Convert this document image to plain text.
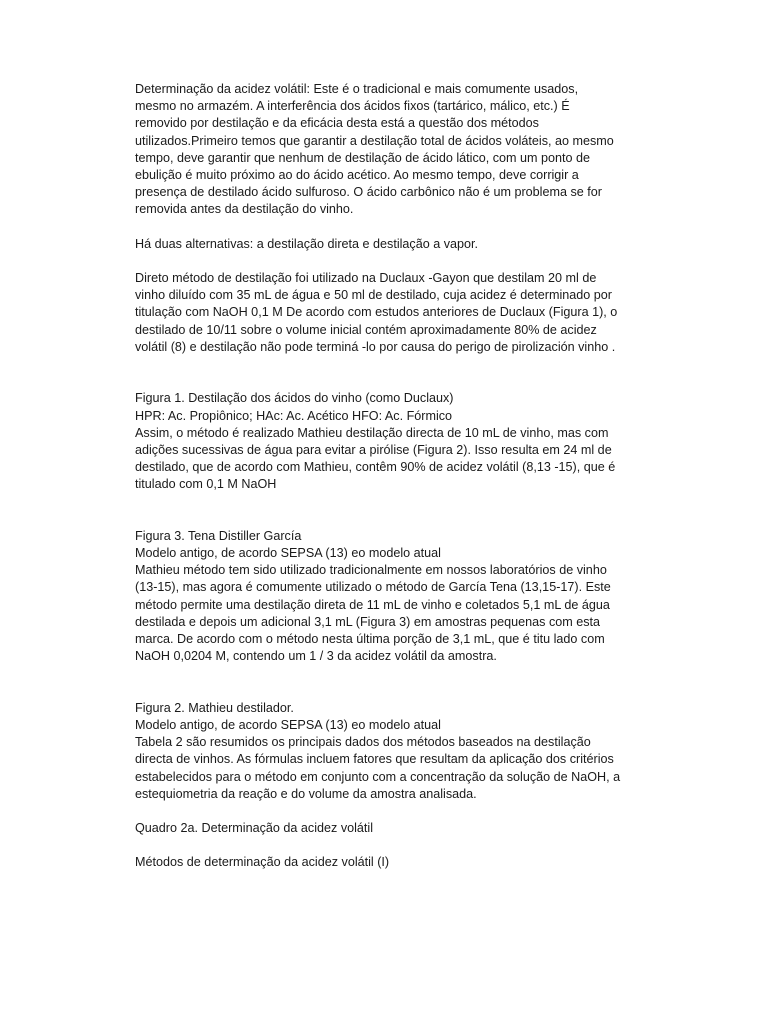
Determinação da acidez volátil: Este é o tradicional e mais comumente usados,
mesmo no armazém. A interferência dos ácidos fixos (tartárico, málico, etc.) É
removido por destilação e da eficácia desta está a questão dos métodos
utilizados.Primeiro temos que garantir a destilação total de ácidos voláteis, ao mesmo
tempo, deve garantir que nenhum de destilação de ácido lático, com um ponto de
ebulição é muito próximo ao do ácido acético. Ao mesmo tempo, deve corrigir a
presença de destilado ácido sulfuroso. O ácido carbônico não é um problema se for
removida antes da destilação do vinho.

Há duas alternativas: a destilação direta e destilação a vapor.

Direto método de destilação foi utilizado na Duclaux -Gayon que destilam 20 ml de
vinho diluído com 35 mL de água e 50 ml de destilado, cuja acidez é determinado por
titulação com NaOH 0,1 M De acordo com estudos anteriores de Duclaux (Figura 1), o
destilado de 10/11 sobre o volume inicial contém aproximadamente 80% de acidez
volátil (8) e destilação não pode terminá -lo por causa do perigo de pirolización vinho .

Figura 1. Destilação dos ácidos do vinho (como Duclaux)
HPR: Ac. Propiônico; HAc: Ac. Acético HFO: Ac. Fórmico
Assim, o método é realizado Mathieu destilação directa de 10 mL de vinho, mas com
adições sucessivas de água para evitar a pirólise (Figura 2). Isso resulta em 24 ml de
destilado, que de acordo com Mathieu, contêm 90% de acidez volátil (8,13 -15), que é
titulado com 0,1 M NaOH

Figura 3. Tena Distiller García
Modelo antigo, de acordo SEPSA (13) eo modelo atual
Mathieu método tem sido utilizado tradicionalmente em nossos laboratórios de vinho
(13-15), mas agora é comumente utilizado o método de García Tena (13,15-17). Este
método permite uma destilação direta de 11 mL de vinho e coletados 5,1 mL de água
destilada e depois um adicional 3,1 mL (Figura 3) em amostras pequenas com esta
marca. De acordo com o método nesta última porção de 3,1 mL, que é titu lado com
NaOH 0,0204 M, contendo um 1 / 3 da acidez volátil da amostra.

Figura 2. Mathieu destilador.
Modelo antigo, de acordo SEPSA (13) eo modelo atual
Tabela 2 são resumidos os principais dados dos métodos baseados na destilação
directa de vinhos. As fórmulas incluem fatores que resultam da aplicação dos critérios
estabelecidos para o método em conjunto com a concentração da solução de NaOH, a
estequiometria da reação e do volume da amostra analisada.

Quadro 2a. Determinação da acidez volátil

Métodos de determinação da acidez volátil (I)
